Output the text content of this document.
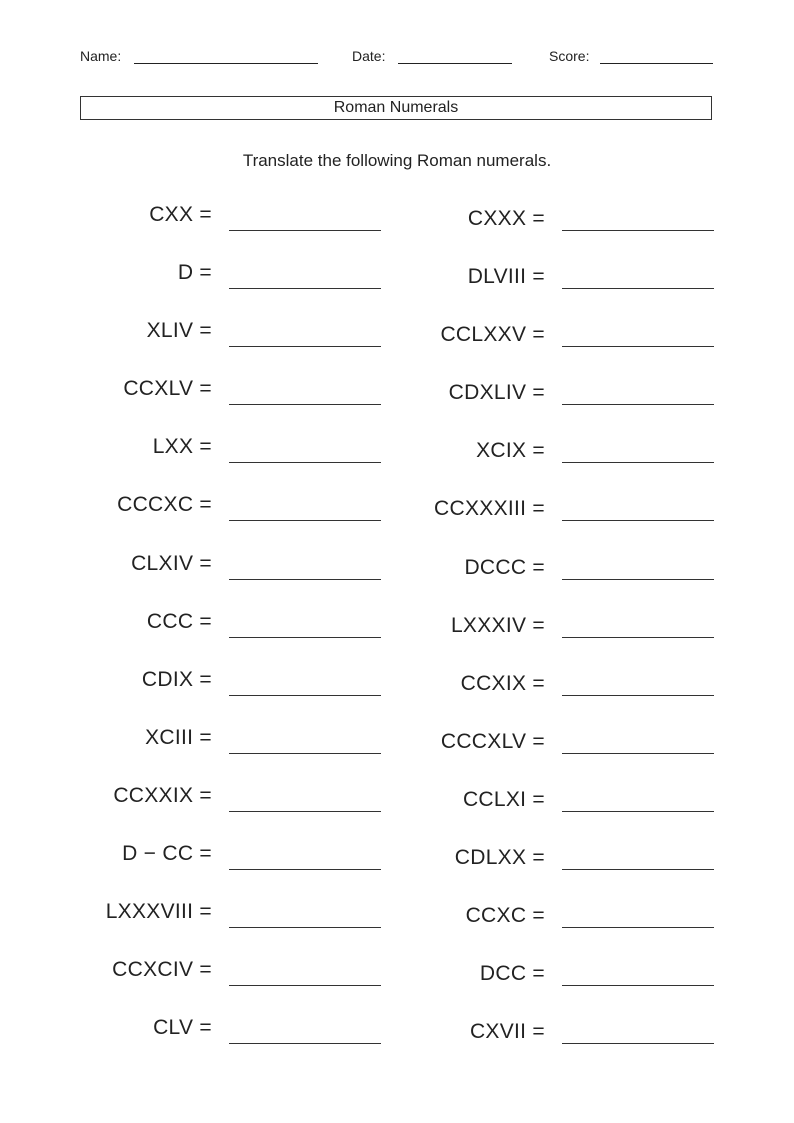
Name:	Date:	Score:
Roman Numerals
Translate the following Roman numerals.
CXX =
D =
XLIV =
CCXLV =
LXX =
CCCXC =
CLXIV =
CCC =
CDIX =
XCIII =
CCXXIX =
D − CC =
LXXXVIII =
CCXCIV =
CLV =
CXXX =
DLVIII =
CCLXXV =
CDXLIV =
XCIX =
CCXXXIII =
DCCC =
LXXXIV =
CCXIX =
CCCXLV =
CCLXI =
CDLXX =
CCXC =
DCC =
CXVII =
